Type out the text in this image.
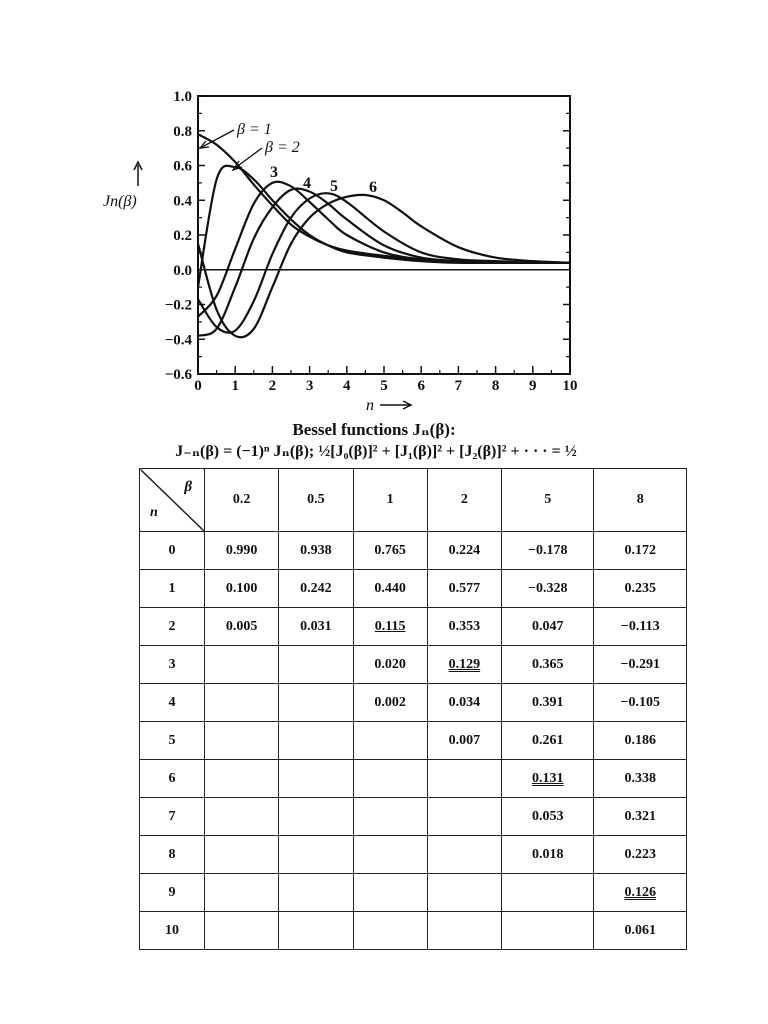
−0.6
−0.4
−0.2
0.0
0.2
0.4
0.6
0.8
1.0
0 1 2 3 4 5 6 7 8 9 10
Jn(β)
n
β = 1
β = 2
3
4 5 6
Bessel functions Jₙ(β):
J₋ₙ(β) = (−1)ⁿ Jₙ(β); ½[J₀(β)]² + [J₁(β)]² + [J₂(β)]² + · · · = ½
β
n	0.2	0.5	1	2	5	8
0	0.990	0.938	0.765	0.224	−0.178	0.172
1	0.100	0.242	0.440	0.577	−0.328	0.235
2	0.005	0.031	0.115	0.353	0.047	−0.113
3			0.020	0.129	0.365	−0.291
4			0.002	0.034	0.391	−0.105
5				0.007	0.261	0.186
6					0.131	0.338
7					0.053	0.321
8					0.018	0.223
9						0.126
10						0.061
